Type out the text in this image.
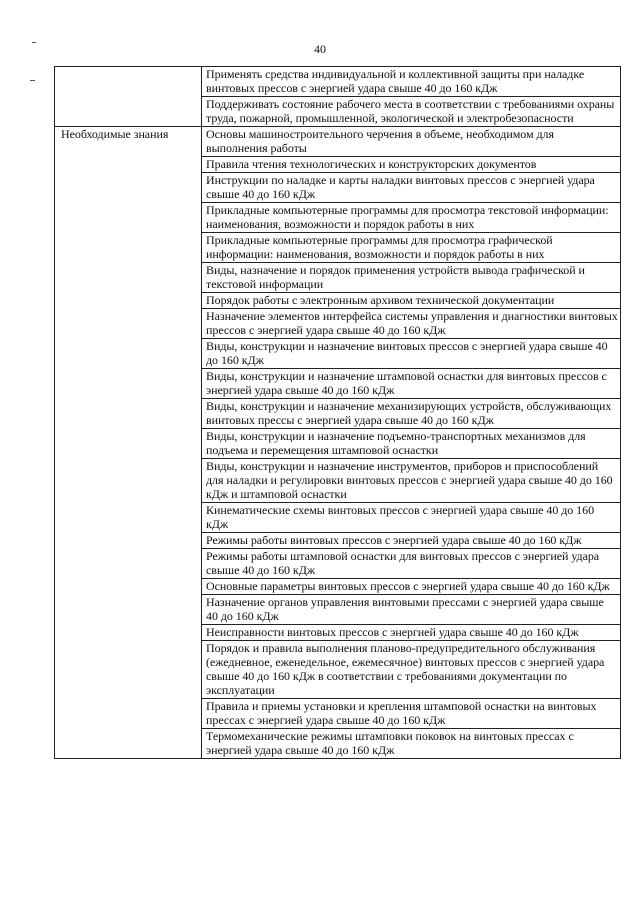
40
	Применять средства индивидуальной и коллективной защиты при наладке винтовых прессов с энергией удара свыше 40 до 160 кДж
	Поддерживать состояние рабочего места в соответствии с требованиями охраны труда, пожарной, промышленной, экологической и электробезопасности
Необходимые знания	Основы машиностроительного черчения в объеме, необходимом для выполнения работы
	Правила чтения технологических и конструкторских документов
	Инструкции по наладке и карты наладки винтовых прессов с энергией удара свыше 40 до 160 кДж
	Прикладные компьютерные программы для просмотра текстовой информации: наименования, возможности и порядок работы в них
	Прикладные компьютерные программы для просмотра графической информации: наименования, возможности и порядок работы в них
	Виды, назначение и порядок применения устройств вывода графической и текстовой информации
	Порядок работы с электронным архивом технической документации
	Назначение элементов интерфейса системы управления и диагностики винтовых прессов с энергией удара свыше 40 до 160 кДж
	Виды, конструкции и назначение винтовых прессов с энергией удара свыше 40 до 160 кДж
	Виды, конструкции и назначение штамповой оснастки для винтовых прессов с энергией удара свыше 40 до 160 кДж
	Виды, конструкции и назначение механизирующих устройств, обслуживающих винтовых прессы с энергией удара свыше 40 до 160 кДж
	Виды, конструкции и назначение подъемно-транспортных механизмов для подъема и перемещения штамповой оснастки
	Виды, конструкции и назначение инструментов, приборов и приспособлений для наладки и регулировки винтовых прессов с энергией удара свыше 40 до 160 кДж и штамповой оснастки
	Кинематические схемы винтовых прессов с энергией удара свыше 40 до 160 кДж
	Режимы работы винтовых прессов с энергией удара свыше 40 до 160 кДж
	Режимы работы штамповой оснастки для винтовых прессов с энергией удара свыше 40 до 160 кДж
	Основные параметры винтовых прессов с энергией удара свыше 40 до 160 кДж
	Назначение органов управления винтовыми прессами с энергией удара свыше 40 до 160 кДж
	Неисправности винтовых прессов с энергией удара свыше 40 до 160 кДж
	Порядок и правила выполнения планово-предупредительного обслуживания (ежедневное, еженедельное, ежемесячное) винтовых прессов с энергией удара свыше 40 до 160 кДж в соответствии с требованиями документации по эксплуатации
	Правила и приемы установки и крепления штамповой оснастки на винтовых прессах с энергией удара свыше 40 до 160 кДж
	Термомеханические режимы штамповки поковок на винтовых прессах с энергией удара свыше 40 до 160 кДж
